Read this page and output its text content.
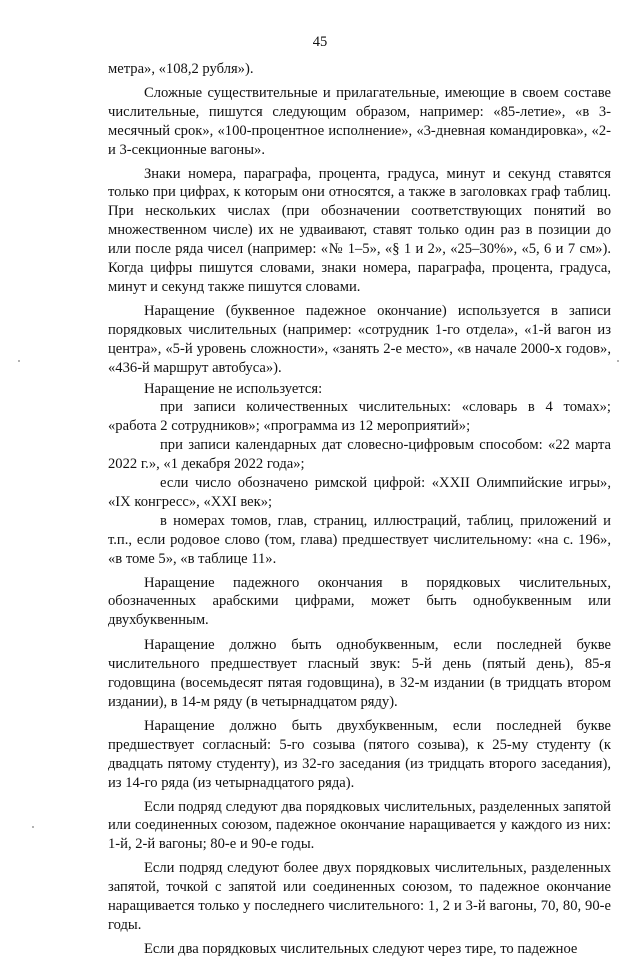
45

метра», «108,2 рубля»).

Сложные существительные и прилагательные, имеющие в своем составе числительные, пишутся следующим образом, например: «85-летие», «в 3-месячный срок», «100-процентное исполнение», «3-дневная командировка», «2- и 3-секционные вагоны».

Знаки номера, параграфа, процента, градуса, минут и секунд ставятся только при цифрах, к которым они относятся, а также в заголовках граф таблиц. При нескольких числах (при обозначении соответствующих понятий во множественном числе) их не удваивают, ставят только один раз в позиции до или после ряда чисел (например: «№ 1–5», «§ 1 и 2», «25–30%», «5, 6 и 7 см»). Когда цифры пишутся словами, знаки номера, параграфа, процента, градуса, минут и секунд также пишутся словами.

Наращение (буквенное падежное окончание) используется в записи порядковых числительных (например: «сотрудник 1-го отдела», «1-й вагон из центра», «5-й уровень сложности», «занять 2-е место», «в начале 2000-х годов», «436-й маршрут автобуса»).

Наращение не используется:

при записи количественных числительных: «словарь в 4 томах»; «работа 2 сотрудников»; «программа из 12 мероприятий»;

при записи календарных дат словесно-цифровым способом: «22 марта 2022 г.», «1 декабря 2022 года»;

если число обозначено римской цифрой: «XXII Олимпийские игры», «IX конгресс», «XXI век»;

в номерах томов, глав, страниц, иллюстраций, таблиц, приложений и т.п., если родовое слово (том, глава) предшествует числительному: «на с. 196», «в томе 5», «в таблице 11».

Наращение падежного окончания в порядковых числительных, обозначенных арабскими цифрами, может быть однобуквенным или двухбуквенным.

Наращение должно быть однобуквенным, если последней букве числительного предшествует гласный звук: 5-й день (пятый день), 85-я годовщина (восемьдесят пятая годовщина), в 32-м издании (в тридцать втором издании), в 14-м ряду (в четырнадцатом ряду).

Наращение должно быть двухбуквенным, если последней букве предшествует согласный: 5-го созыва (пятого созыва), к 25-му студенту (к двадцать пятому студенту), из 32-го заседания (из тридцать второго заседания), из 14-го ряда (из четырнадцатого ряда).

Если подряд следуют два порядковых числительных, разделенных запятой или соединенных союзом, падежное окончание наращивается у каждого из них: 1-й, 2-й вагоны; 80-е и 90-е годы.

Если подряд следуют более двух порядковых числительных, разделенных запятой, точкой с запятой или соединенных союзом, то падежное окончание наращивается только у последнего числительного: 1, 2 и 3-й вагоны, 70, 80, 90-е годы.

Если два порядковых числительных следуют через тире, то падежное
